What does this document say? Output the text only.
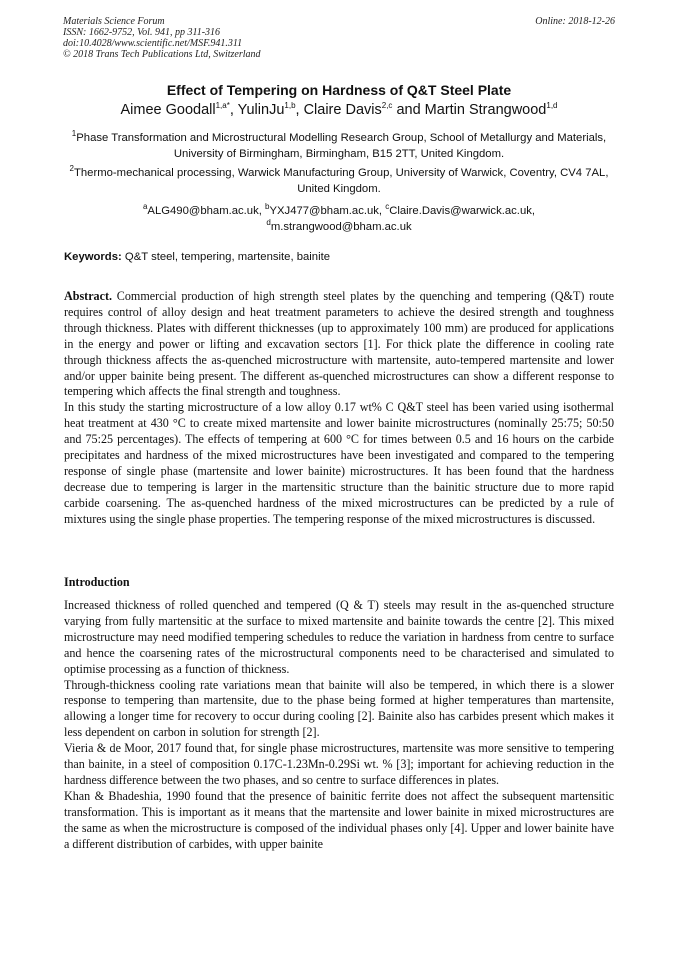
Materials Science Forum
ISSN: 1662-9752, Vol. 941, pp 311-316
doi:10.4028/www.scientific.net/MSF.941.311
© 2018 Trans Tech Publications Ltd, Switzerland
Online: 2018-12-26
Effect of Tempering on Hardness of Q&T Steel Plate
Aimee Goodall$^{1,a*}$, YulinJu$^{1,b}$, Claire Davis$^{2,c}$ and Martin Strangwood$^{1,d}$
$^1$Phase Transformation and Microstructural Modelling Research Group, School of Metallurgy and Materials, University of Birmingham, Birmingham, B15 2TT, United Kingdom.
$^2$Thermo-mechanical processing, Warwick Manufacturing Group, University of Warwick, Coventry, CV4 7AL, United Kingdom.
$^a$ALG490@bham.ac.uk, $^b$YXJ477@bham.ac.uk, $^c$Claire.Davis@warwick.ac.uk,
$^d$m.strangwood@bham.ac.uk
Keywords: Q&T steel, tempering, martensite, bainite

Abstract. Commercial production of high strength steel plates by the quenching and tempering (Q&T) route requires control of alloy design and heat treatment parameters to achieve the desired strength and toughness through thickness. Plates with different thicknesses (up to approximately 100 mm) are produced for applications in the energy and power or lifting and excavation sectors [1]. For thick plate the difference in cooling rate through thickness affects the as-quenched microstructure with martensite, auto-tempered martensite and lower and/or upper bainite being present. The different as-quenched microstructures can show a different response to tempering which affects the final strength and toughness.

In this study the starting microstructure of a low alloy 0.17 wt% C Q&T steel has been varied using isothermal heat treatment at 430 °C to create mixed martensite and lower bainite microstructures (nominally 25:75; 50:50 and 75:25 percentages). The effects of tempering at 600 °C for times between 0.5 and 16 hours on the carbide precipitates and hardness of the mixed microstructures have been investigated and compared to the tempering response of single phase (martensite and lower bainite) microstructures. It has been found that the hardness decrease due to tempering is larger in the martensitic structure than the bainitic structure due to more rapid carbide coarsening. The as-quenched hardness of the mixed microstructures can be predicted by a rule of mixtures using the single phase properties. The tempering response of the mixed microstructures is discussed.

Introduction

Increased thickness of rolled quenched and tempered (Q & T) steels may result in the as-quenched structure varying from fully martensitic at the surface to mixed martensite and bainite towards the centre [2]. This mixed microstructure may need modified tempering schedules to reduce the variation in hardness from centre to surface and hence the coarsening rates of the microstructural components need to be characterised and simulated to optimise processing as a function of thickness.

Through-thickness cooling rate variations mean that bainite will also be tempered, in which there is a slower response to tempering than martensite, due to the phase being formed at higher temperatures than martensite, allowing a longer time for recovery to occur during cooling [2]. Bainite also has carbides present which makes it less dependent on carbon in solution for strength [2].

Vieria & de Moor, 2017 found that, for single phase microstructures, martensite was more sensitive to tempering than bainite, in a steel of composition 0.17C-1.23Mn-0.29Si wt. % [3]; important for achieving reduction in the hardness difference between the two phases, and so centre to surface differences in plates.

Khan & Bhadeshia, 1990 found that the presence of bainitic ferrite does not affect the subsequent martensitic transformation. This is important as it means that the martensite and lower bainite in mixed microstructures are the same as when the microstructure is composed of the individual phases only [4]. Upper and lower bainite have a different distribution of carbides, with upper bainite
